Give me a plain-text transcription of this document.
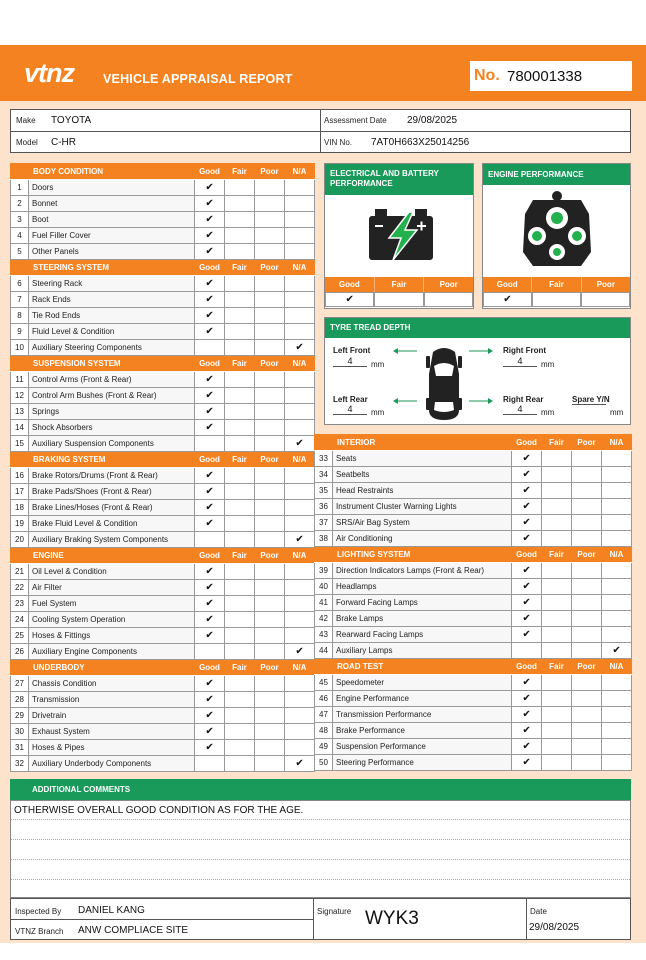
vtnz VEHICLE APPRAISAL REPORT	No. 780001338
Make TOYOTA
Model C-HR
Assessment Date 29/08/2025
VIN No. 7AT0H663X25014256
BODY CONDITION		Good	Fair	Poor	N/A
1	Doors	✔			
2	Bonnet	✔			
3	Boot	✔			
4	Fuel Filler Cover	✔			
5	Other Panels	✔			
STEERING SYSTEM		Good	Fair	Poor	N/A
6	Steering Rack	✔			
7	Rack Ends	✔			
8	Tie Rod Ends	✔			
9	Fluid Level & Condition	✔			
10	Auxiliary Steering Components				✔
SUSPENSION SYSTEM		Good	Fair	Poor	N/A
11	Control Arms (Front & Rear)	✔			
12	Control Arm Bushes (Front & Rear)	✔			
13	Springs	✔			
14	Shock Absorbers	✔			
15	Auxiliary Suspension Components				✔
BRAKING SYSTEM		Good	Fair	Poor	N/A
16	Brake Rotors/Drums (Front & Rear)	✔			
17	Brake Pads/Shoes (Front & Rear)	✔			
18	Brake Lines/Hoses (Front & Rear)	✔			
19	Brake Fluid Level & Condition	✔			
20	Auxiliary Braking System Components				✔
ENGINE		Good	Fair	Poor	N/A
21	Oil Level & Condition	✔			
22	Air Filter	✔			
23	Fuel System	✔			
24	Cooling System Operation	✔			
25	Hoses & Fittings	✔			
26	Auxiliary Engine Components				✔
UNDERBODY		Good	Fair	Poor	N/A
27	Chassis Condition	✔			
28	Transmission	✔			
29	Drivetrain	✔			
30	Exhaust System	✔			
31	Hoses & Pipes	✔			
32	Auxiliary Underbody Components				✔
INTERIOR		Good	Fair	Poor	N/A
33	Seats	✔			
34	Seatbelts	✔			
35	Head Restraints	✔			
36	Instrument Cluster Warning Lights	✔			
37	SRS/Air Bag System	✔			
38	Air Conditioning	✔			
LIGHTING SYSTEM		Good	Fair	Poor	N/A
39	Direction Indicators Lamps (Front & Rear)	✔			
40	Headlamps	✔			
41	Forward Facing Lamps	✔			
42	Brake Lamps	✔			
43	Rearward Facing Lamps	✔			
44	Auxiliary Lamps				✔
ROAD TEST		Good	Fair	Poor	N/A
45	Speedometer	✔			
46	Engine Performance	✔			
47	Transmission Performance	✔			
48	Brake Performance	✔			
49	Suspension Performance	✔			
50	Steering Performance	✔			
ELECTRICAL AND BATTERY PERFORMANCE
Good	Fair	Poor
✔
ENGINE PERFORMANCE
Good	Fair	Poor
✔
TYRE TREAD DEPTH
Left Front
4	mm
Right Front
4	mm
Left Rear
4	mm
Right Rear
4	mm
Spare Y/N
mm
ADDITIONAL COMMENTS
OTHERWISE OVERALL GOOD CONDITION AS FOR THE AGE.
Inspected By DANIEL KANG
VTNZ Branch ANW COMPLIACE SITE
Signature WYK3	Date
29/08/2025
